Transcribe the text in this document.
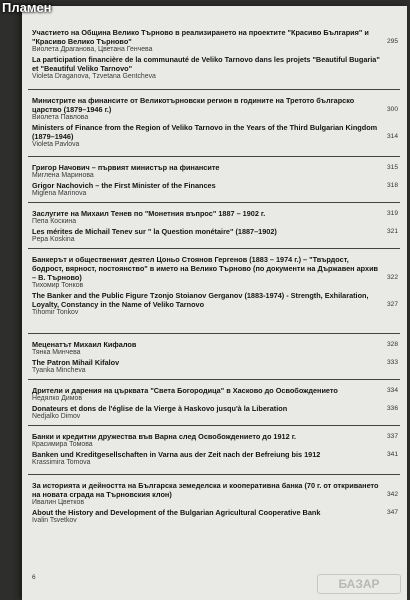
Пламен
Участието на Община Велико Търново в реализирането на проектите "Красиво България" и "Красиво Велико Търново"	295
Виолета Драганова, Цветана Генчева
La participation financière de la communauté de Veliko Tarnovo dans les projets "Beautiful Bugaria" et "Beautiful Veliko Tarnovo"
Violeta Draganova, Tzvetana Gentcheva
Министрите на финансите от Великотърновски регион в годините на Третото българско царство (1879–1946 г.)	300
Виолета Павлова
Ministers of Finance from the Region of Veliko Tarnovo in the Years of the Third Bulgarian Kingdom (1879–1946)	314
Violeta Pavlova
Григор Начович – първият министър на финансите	315
Миглена Маринова
Grigor Nachovich – the First Minister of the Finances	318
Miglena Marinova
Заслугите на Михаил Тенев по "Монетния въпрос" 1887 – 1902 г.	319
Пепа Коскина
Les mérites de Michail Tenev sur " la Question monétaire" (1887–1902)	321
Pepa Koskina
Банкерът и общественият деятел Цоньо Стоянов Гергенов (1883 – 1974 г.) – "Твърдост, бодрост, вярност, постоянство" в името на Велико Търново (по документи на Държавен архив – В. Търново)	322
Тихомир Тонков
The Banker and the Public Figure Tzonjo Stoianov Gerganov (1883-1974) - Strength, Exhilaration, Loyalty, Constancy in the Name of Veliko Tarnovo	327
Tihomir Tonkov
Меценатът Михаил Кифалов	328
Тянка Минчева
The Patron Mihail Kifalov	333
Tyanka Mincheva
Дрители и дарения на църквата "Света Богородица" в Хасково до Освобождението	334
Недялко Димов
Donateurs et dons de l'église de la Vierge à Haskovo jusqu'à la Liberation	336
Nedjalko Dimov
Банки и кредитни дружества във Варна след Освобождението до 1912 г.	337
Красимира Томова
Banken und Kreditgesellschaften in Varna aus der Zeit nach der Befreiung bis 1912	341
Krassimira Tomova
За историята и дейността на Българска земеделска и кооперативна банка (70 г. от откриването на новата сграда на Търновския клон)	342
Ивалин Цветков
About the History and Development of the Bulgarian Agricultural Cooperative Bank	347
Ivalin Tsvetkov
6	БАЗАР
